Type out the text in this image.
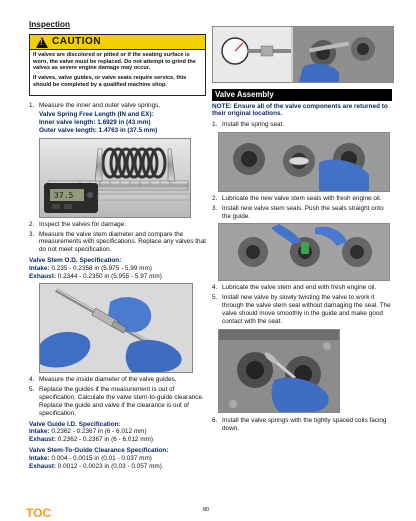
Inspection
! CAUTION

If valves are discolored or pitted or if the seating surface is worn, the valve must be replaced. Do not attempt to grind the valves as severe engine damage may occur.

If valves, valve guides, or valve seats require service, this should be completed by a qualified machine shop.

1. Measure the inner and outer valve springs.
Valve Spring Free Length (IN and EX):
Inner valve length: 1.6929 in (43 mm)
Outer valve length: 1.4763 in (37.5 mm)
37.5
2. Inspect the valves for damage.
3. Measure the valve stem diameter and compare the measurements with specifications. Replace any valves that do not meet specification.
Valve Stem O.D. Specification:
Intake: 0.235 - 0.2358 in (5.975 - 5.99 mm)
Exhaust: 0.2344 - 0.2350 in (5.955 - 5.97 mm)
4. Measure the inside diameter of the valve guides.
5. Replace the guides if the measurement is out of specification. Calculate the valve stem-to-guide clearance. Replace the guide and valve if the clearance is out of specification.
Valve Guide I.D. Specification:
Intake: 0.2362 - 0.2367 in (6 - 6.012 mm)
Exhaust: 0.2362 - 0.2367 in (6 - 6.012 mm)
Valve Stem-To-Guide Clearance Specification:
Intake: 0.004 - 0.0015 in (0.01 - 0.037 mm)
Exhaust: 0.0012 - 0.0023 in (0.03 - 0.057 mm)
Valve Assembly
NOTE: Ensure all of the valve components are returned to their original locations.
1. Install the spring seat.
2. Lubricate the new valve stem seals with fresh engine oil.
3. Install new valve stem seals. Push the seals straight onto the guide.
4. Lubricate the valve stem and end with fresh engine oil.
5. Install new valve by slowly twisting the valve to work it through the valve stem seal without damaging the seal. The valve should move smoothly in the guide and make good contact with the seat.
6. Install the valve springs with the tightly spaced coils facing down.
TOC	80
